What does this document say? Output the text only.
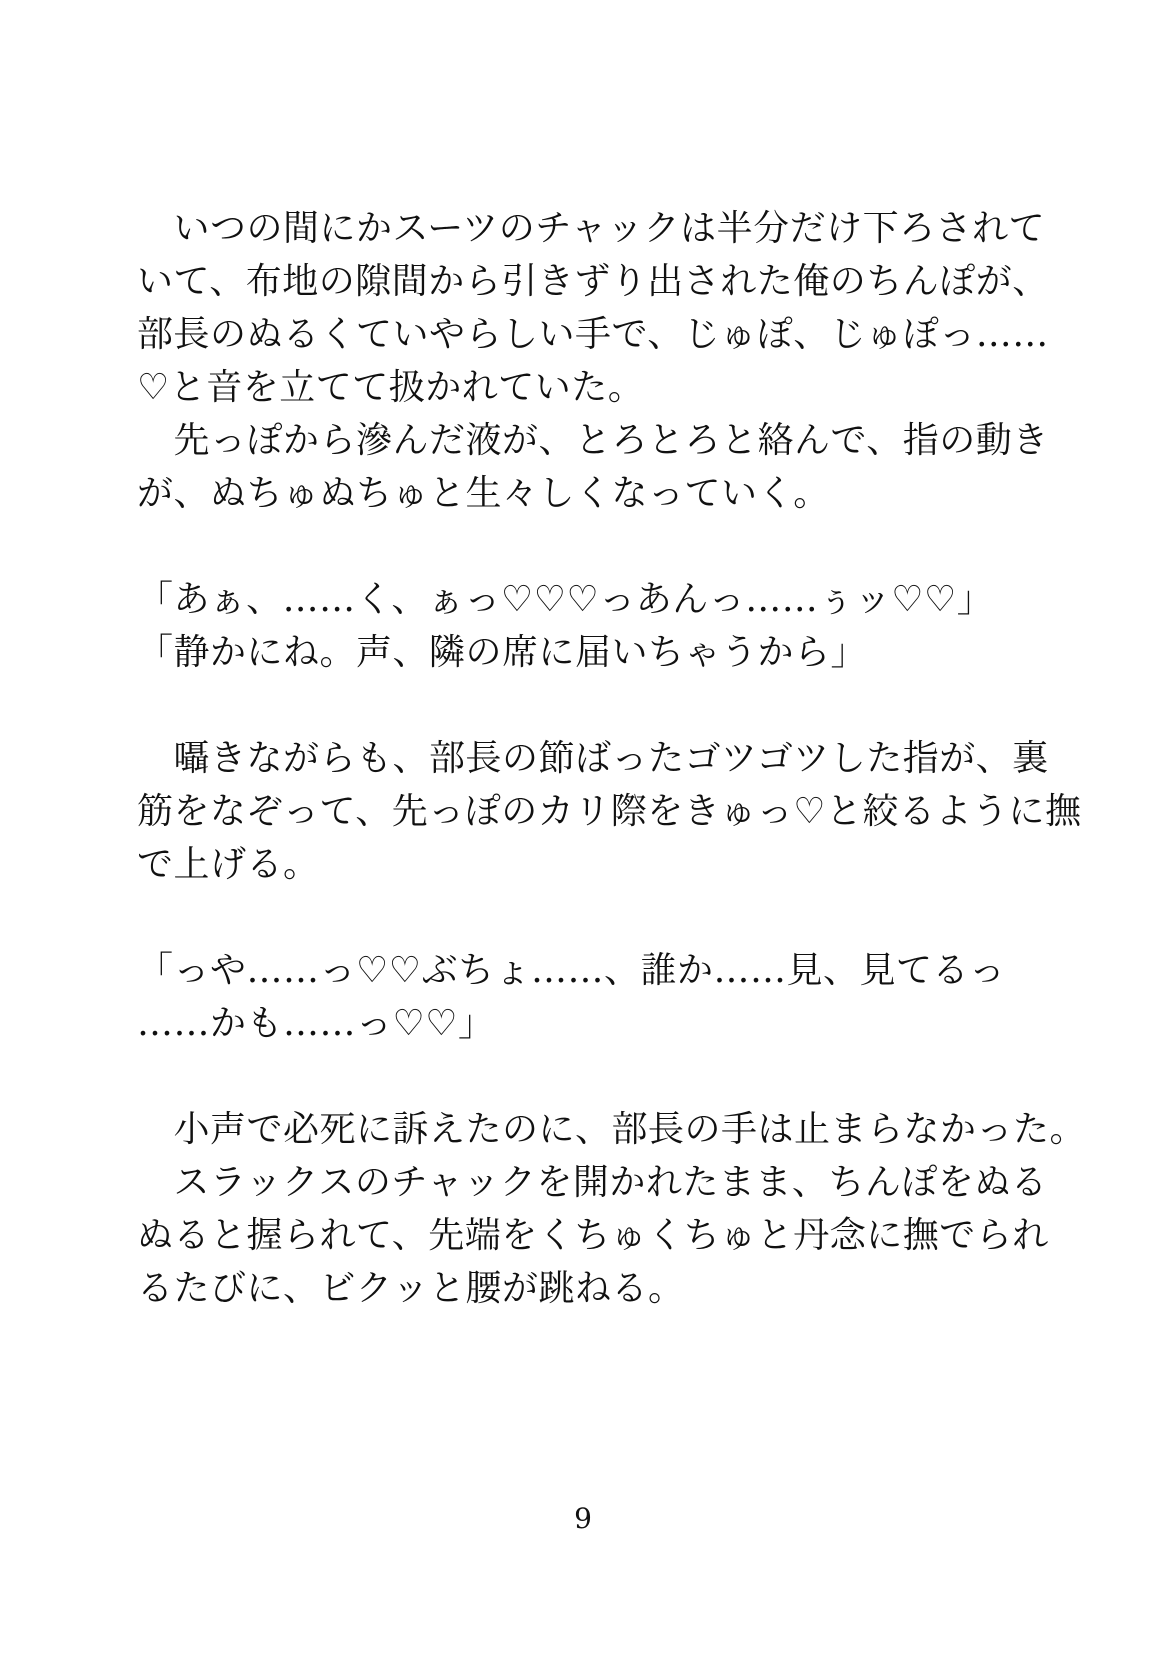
　いつの間にかスーツのチャックは半分だけ下ろされて
いて、布地の隙間から引きずり出された俺のちんぽが、
部長のぬるくていやらしい手で、じゅぽ、じゅぽっ……
♡と音を立てて扱かれていた。
　先っぽから滲んだ液が、とろとろと絡んで、指の動き
が、ぬちゅぬちゅと生々しくなっていく。

「あぁ、……く、ぁっ♡♡♡っあんっ……ぅッ♡♡」
「静かにね。声、隣の席に届いちゃうから」

　囁きながらも、部長の節ばったゴツゴツした指が、裏
筋をなぞって、先っぽのカリ際をきゅっ♡と絞るように撫
で上げる。

「っや……っ♡♡ぶちょ……、誰か……見、見てるっ
……かも……っ♡♡」

　小声で必死に訴えたのに、部長の手は止まらなかった。
　スラックスのチャックを開かれたまま、ちんぽをぬる
ぬると握られて、先端をくちゅくちゅと丹念に撫でられ
るたびに、ビクッと腰が跳ねる。
9
